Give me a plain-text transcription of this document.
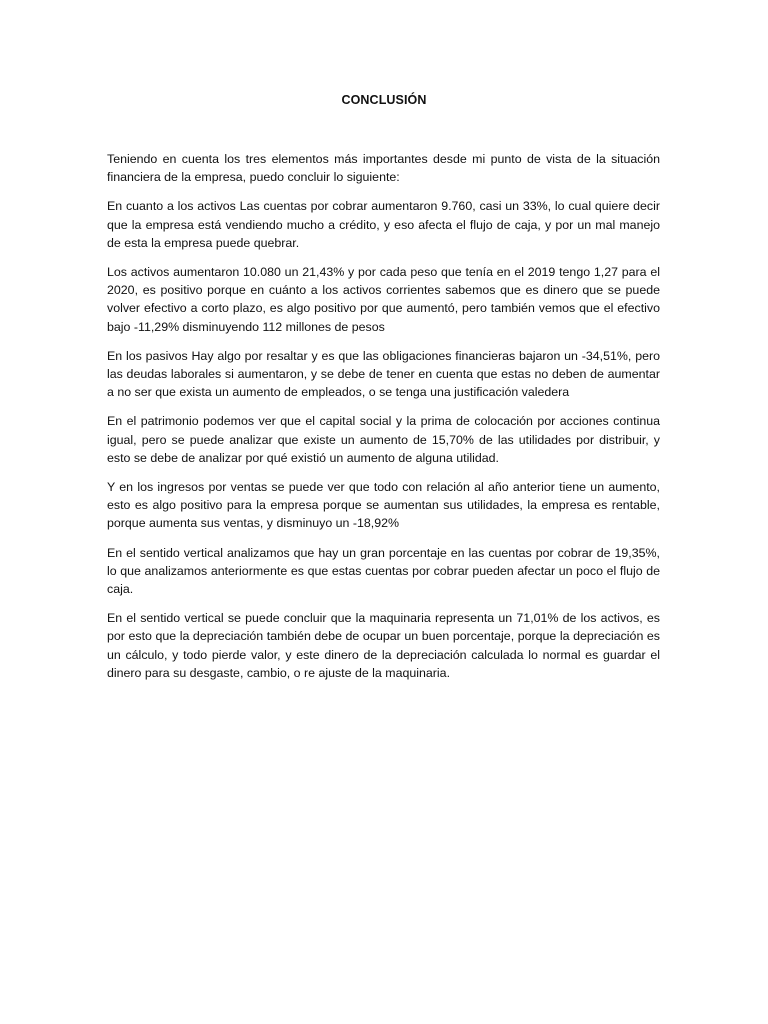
CONCLUSIÓN

Teniendo en cuenta los tres elementos más importantes desde mi punto de vista de la situación financiera de la empresa, puedo concluir lo siguiente:

En cuanto a los activos Las cuentas por cobrar aumentaron 9.760, casi un 33%, lo cual quiere decir que la empresa está vendiendo mucho a crédito, y eso afecta el flujo de caja, y por un mal manejo de esta la empresa puede quebrar.

Los activos aumentaron 10.080 un 21,43% y por cada peso que tenía en el 2019 tengo 1,27 para el 2020, es positivo porque en cuánto a los activos corrientes sabemos que es dinero que se puede volver efectivo a corto plazo, es algo positivo por que aumentó, pero también vemos que el efectivo bajo -11,29% disminuyendo 112 millones de pesos

En los pasivos Hay algo por resaltar y es que las obligaciones financieras bajaron un -34,51%, pero las deudas laborales si aumentaron, y se debe de tener en cuenta que estas no deben de aumentar a no ser que exista un aumento de empleados, o se tenga una justificación valedera

En el patrimonio podemos ver que el capital social y la prima de colocación por acciones continua igual, pero se puede analizar que existe un aumento de 15,70% de las utilidades por distribuir, y esto se debe de analizar por qué existió un aumento de alguna utilidad.

Y en los ingresos por ventas se puede ver que todo con relación al año anterior tiene un aumento, esto es algo positivo para la empresa porque se aumentan sus utilidades, la empresa es rentable, porque aumenta sus ventas, y disminuyo un -18,92%

En el sentido vertical analizamos que hay un gran porcentaje en las cuentas por cobrar de 19,35%, lo que analizamos anteriormente es que estas cuentas por cobrar pueden afectar un poco el flujo de caja.

En el sentido vertical se puede concluir que la maquinaria representa un 71,01% de los activos, es por esto que la depreciación también debe de ocupar un buen porcentaje, porque la depreciación es un cálculo, y todo pierde valor, y este dinero de la depreciación calculada lo normal es guardar el dinero para su desgaste, cambio, o re ajuste de la maquinaria.
